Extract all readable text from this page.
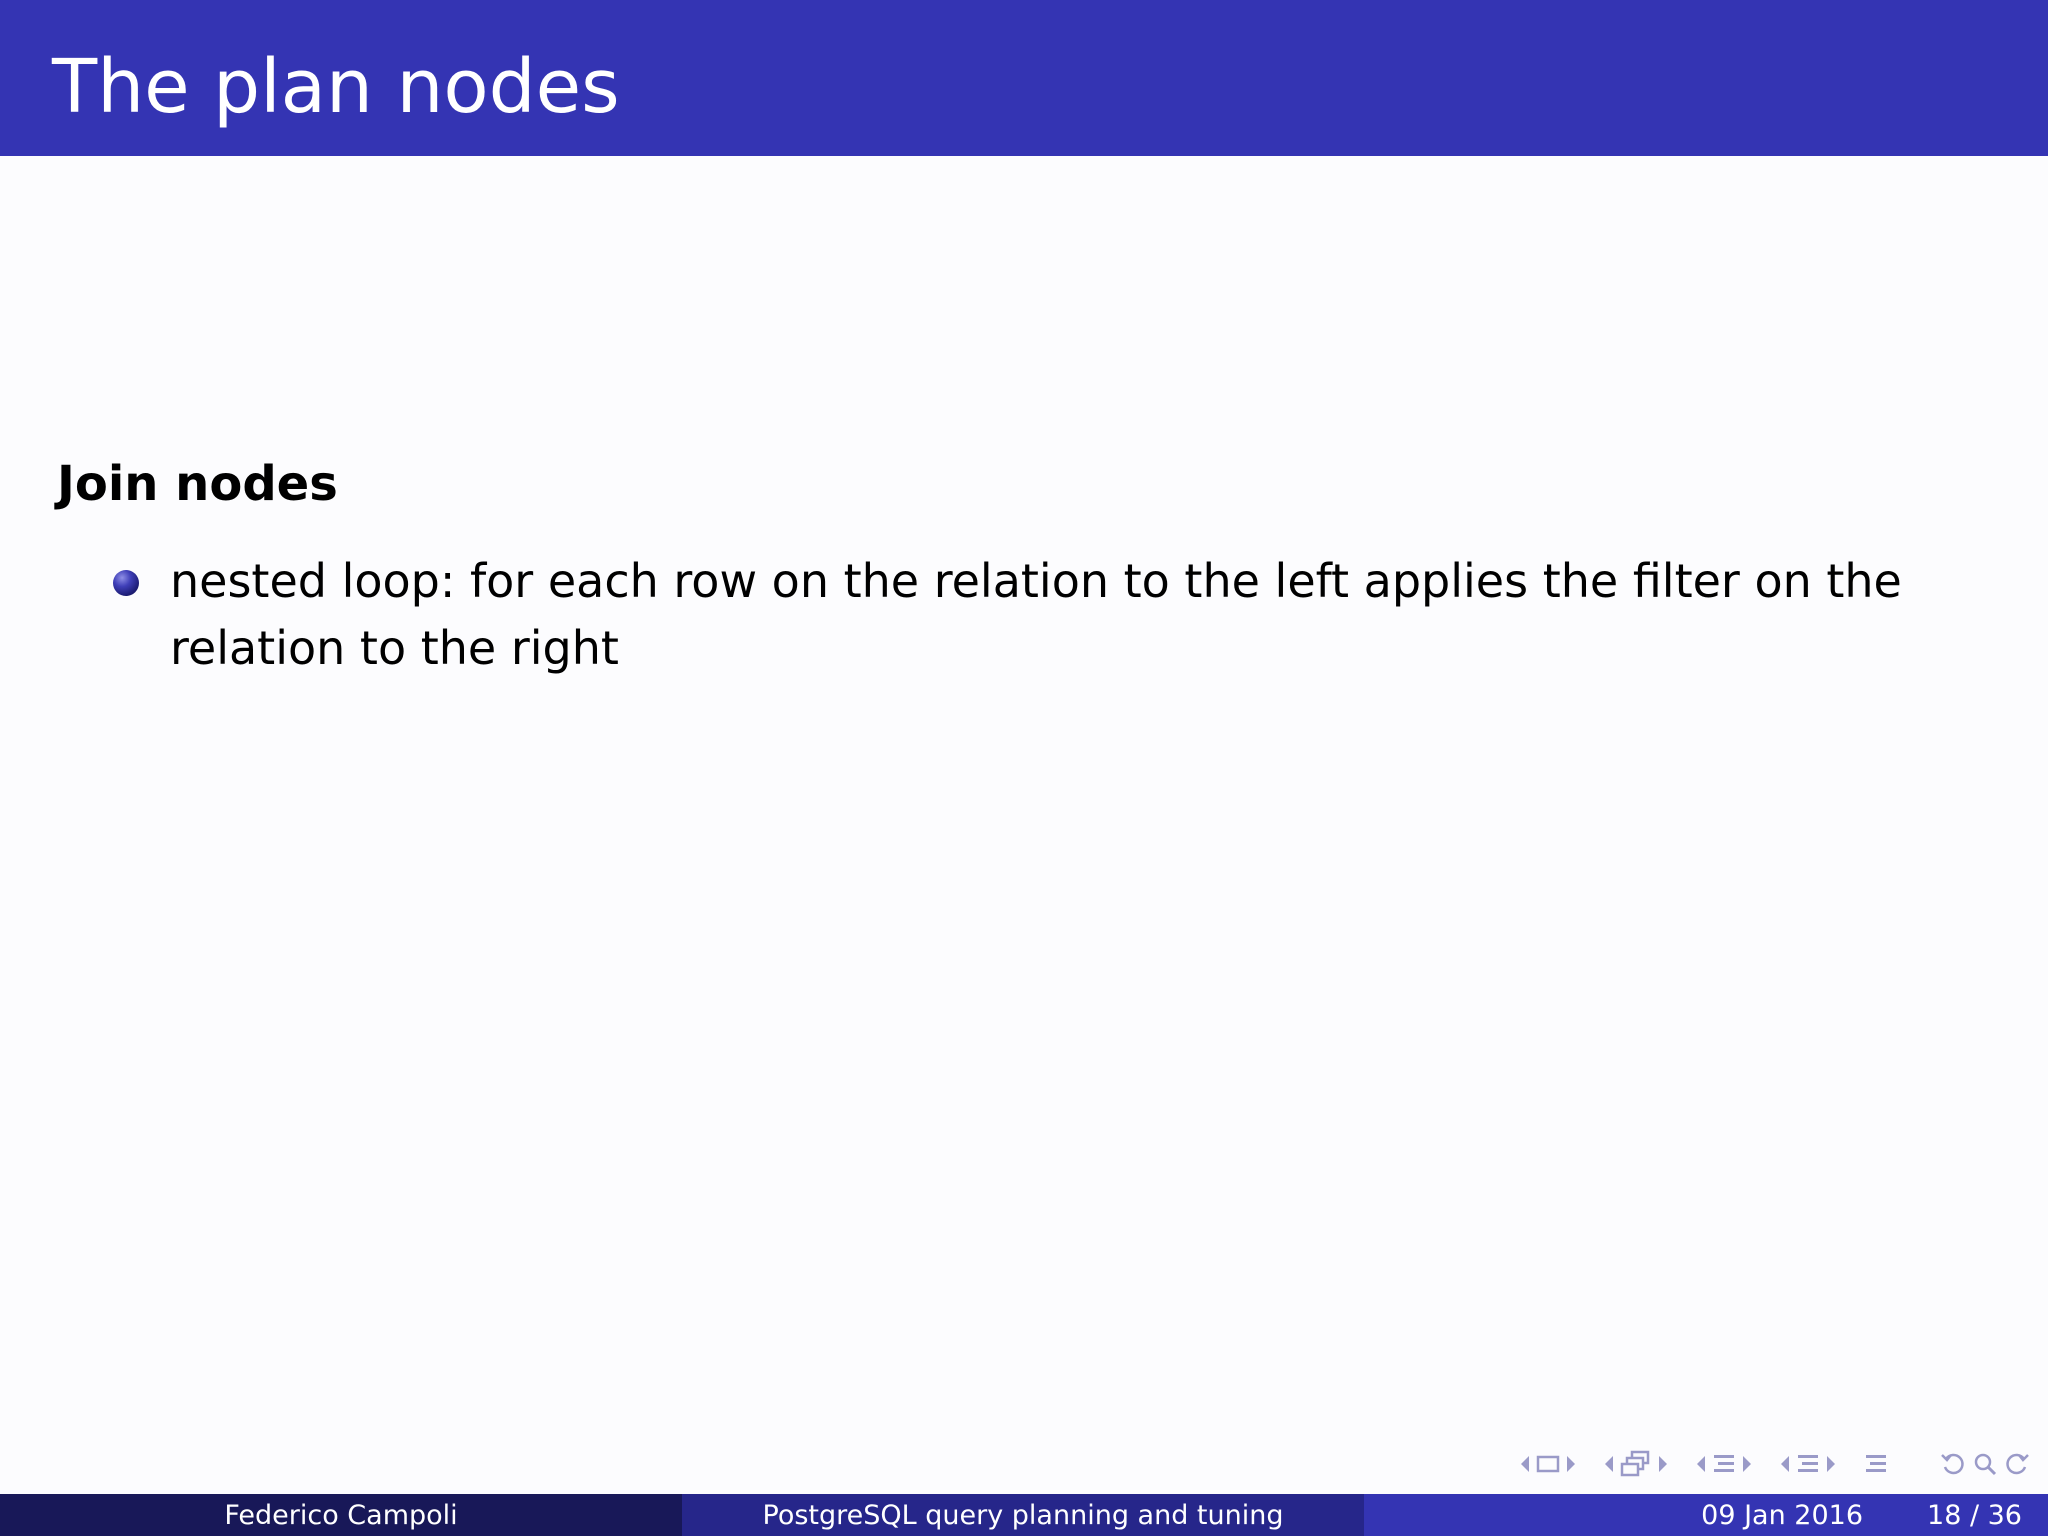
The plan nodes
Join nodes
nested loop: for each row on the relation to the left applies the filter on the relation to the right
Federico Campoli	PostgreSQL query planning and tuning	09 Jan 2016 18 / 36
